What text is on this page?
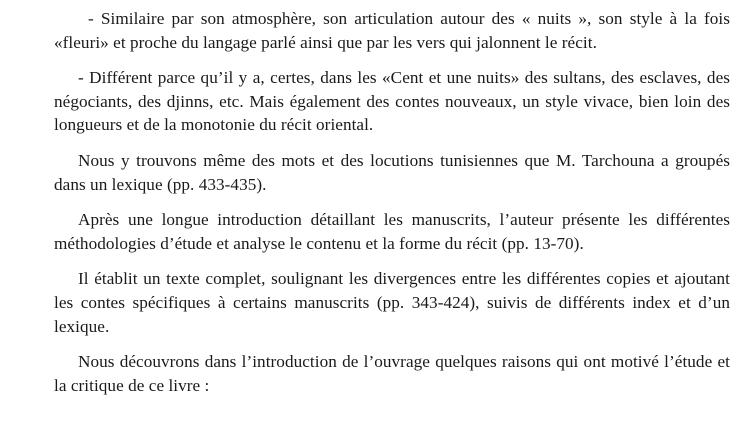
- Similaire par son atmosphère, son articulation autour des « nuits », son style à la fois «fleuri» et proche du langage parlé ainsi que par les vers qui jalonnent le récit.

- Différent parce qu’il y a, certes, dans les «Cent et une nuits» des sultans, des esclaves, des négociants, des djinns, etc. Mais également des contes nouveaux, un style vivace, bien loin des longueurs et de la monotonie du récit oriental.

Nous y trouvons même des mots et des locutions tunisiennes que M. Tarchouna a groupés dans un lexique (pp. 433-435).

Après une longue introduction détaillant les manuscrits, l’auteur présente les différentes méthodologies d’étude et analyse le contenu et la forme du récit (pp. 13-70).

Il établit un texte complet, soulignant les divergences entre les différentes copies et ajoutant les contes spécifiques à certains manuscrits (pp. 343-424), suivis de différents index et d’un lexique.

Nous découvrons dans l’introduction de l’ouvrage quelques raisons qui ont motivé l’étude et la critique de ce livre :
